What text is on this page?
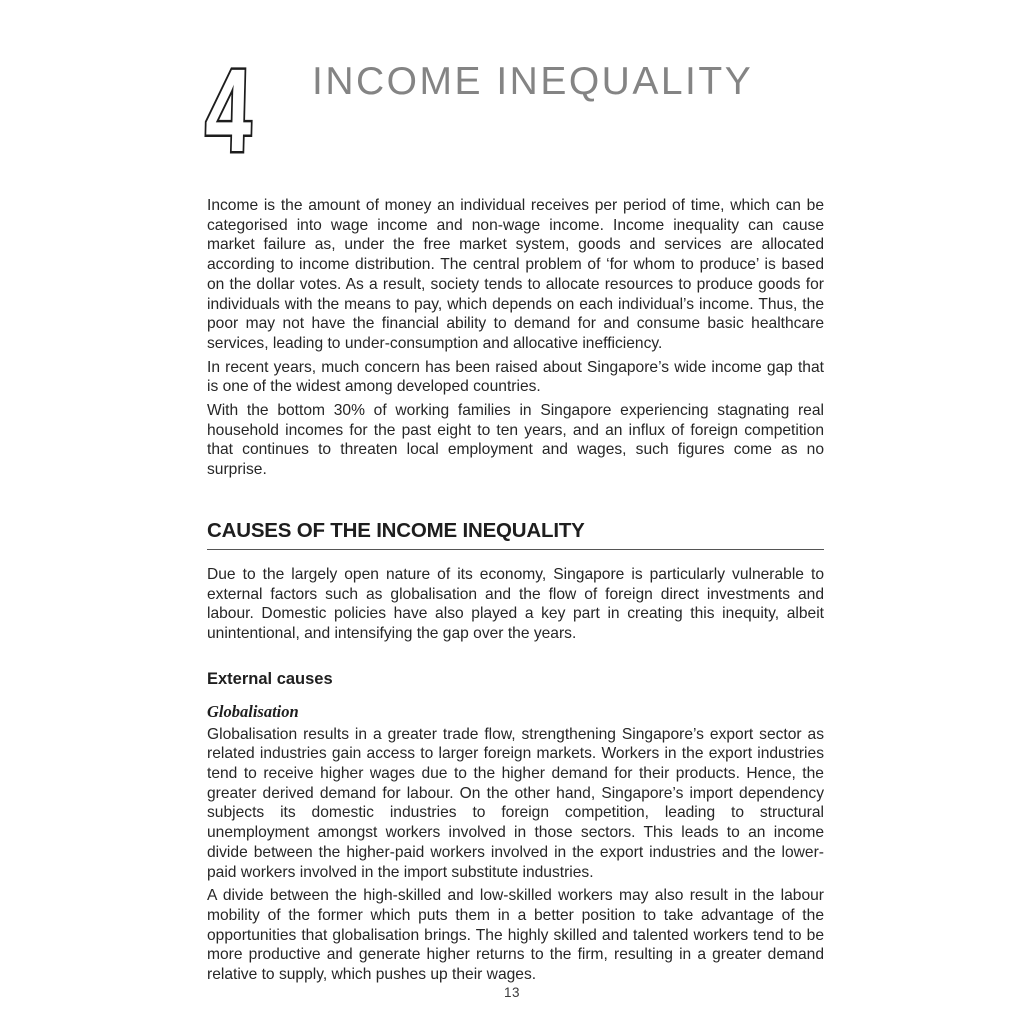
4 INCOME INEQUALITY

Income is the amount of money an individual receives per period of time, which can be categorised into wage income and non-wage income. Income inequality can cause market failure as, under the free market system, goods and services are allocated according to income distribution. The central problem of ‘for whom to produce’ is based on the dollar votes. As a result, society tends to allocate resources to produce goods for individuals with the means to pay, which depends on each individual’s income. Thus, the poor may not have the financial ability to demand for and consume basic healthcare services, leading to under-consumption and allocative inefficiency.

In recent years, much concern has been raised about Singapore’s wide income gap that is one of the widest among developed countries.

With the bottom 30% of working families in Singapore experiencing stagnating real household incomes for the past eight to ten years, and an influx of foreign competition that continues to threaten local employment and wages, such figures come as no surprise.

CAUSES OF THE INCOME INEQUALITY

Due to the largely open nature of its economy, Singapore is particularly vulnerable to external factors such as globalisation and the flow of foreign direct investments and labour. Domestic policies have also played a key part in creating this inequity, albeit unintentional, and intensifying the gap over the years.

External causes
Globalisation

Globalisation results in a greater trade flow, strengthening Singapore’s export sector as related industries gain access to larger foreign markets. Workers in the export industries tend to receive higher wages due to the higher demand for their products. Hence, the greater derived demand for labour. On the other hand, Singapore’s import dependency subjects its domestic industries to foreign competition, leading to structural unemployment amongst workers involved in those sectors. This leads to an income divide between the higher-paid workers involved in the export industries and the lower-paid workers involved in the import substitute industries.

A divide between the high-skilled and low-skilled workers may also result in the labour mobility of the former which puts them in a better position to take advantage of the opportunities that globalisation brings. The highly skilled and talented workers tend to be more productive and generate higher returns to the firm, resulting in a greater demand relative to supply, which pushes up their wages.

13
